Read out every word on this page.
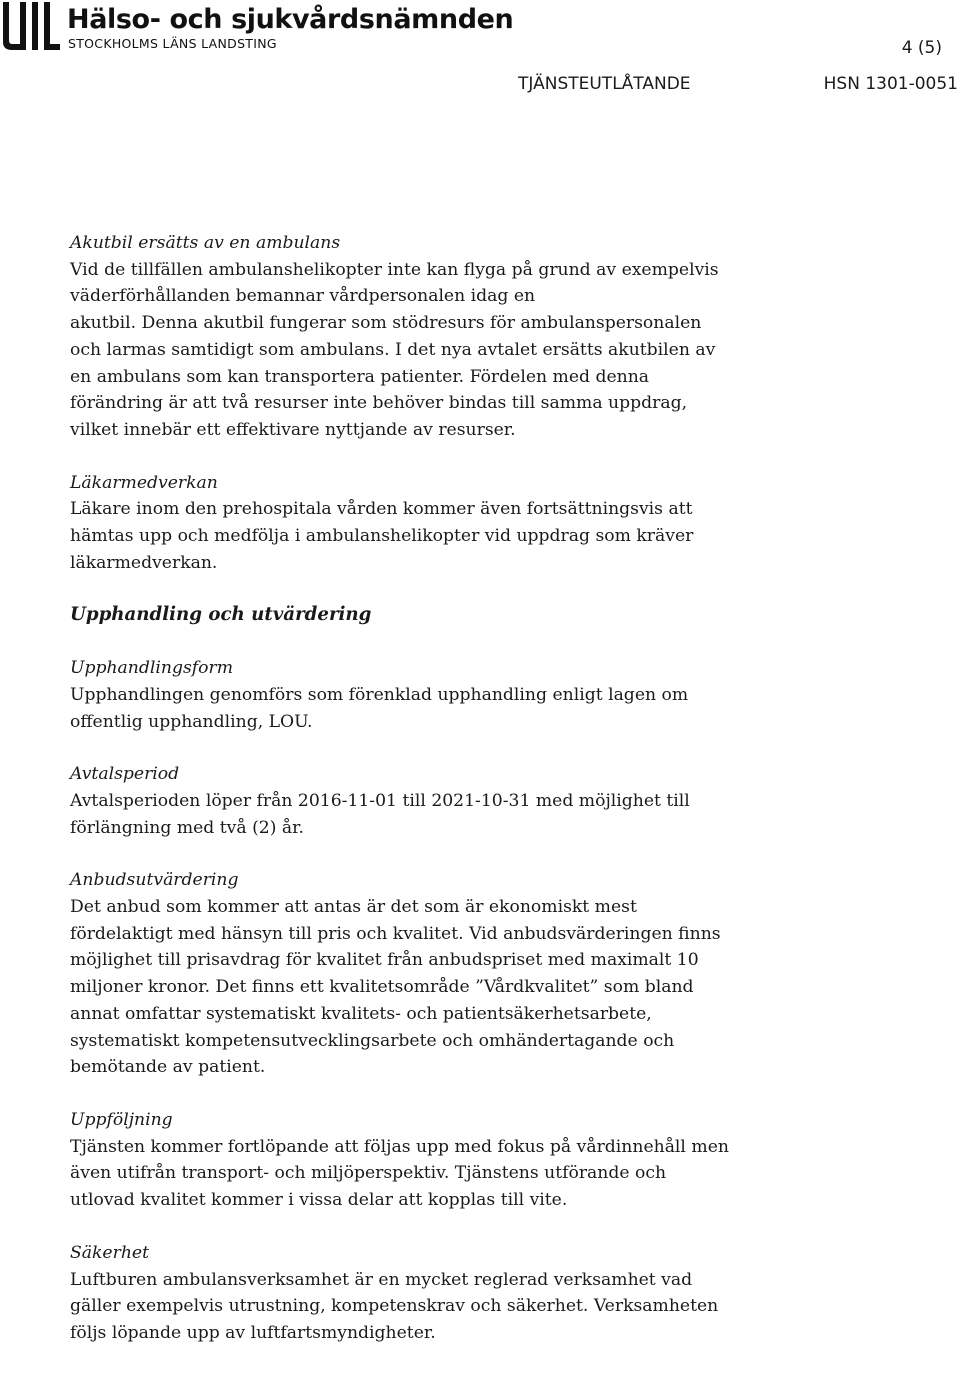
Hälso- och sjukvårdsnämnden
STOCKHOLMS LÄNS LANDSTING	4 (5)
TJÄNSTEUTLÅTANDE	HSN 1301-0051
Akutbil ersätts av en ambulans

Vid de tillfällen ambulanshelikopter inte kan flyga på grund av exempelvis
väderförhållanden bemannar vårdpersonalen idag en
akutbil. Denna akutbil fungerar som stödresurs för ambulanspersonalen
och larmas samtidigt som ambulans. I det nya avtalet ersätts akutbilen av
en ambulans som kan transportera patienter. Fördelen med denna
förändring är att två resurser inte behöver bindas till samma uppdrag,
vilket innebär ett effektivare nyttjande av resurser.

Läkarmedverkan

Läkare inom den prehospitala vården kommer även fortsättningsvis att
hämtas upp och medfölja i ambulanshelikopter vid uppdrag som kräver
läkarmedverkan.

Upphandling och utvärdering
Upphandlingsform

Upphandlingen genomförs som förenklad upphandling enligt lagen om
offentlig upphandling, LOU.

Avtalsperiod

Avtalsperioden löper från 2016-11-01 till 2021-10-31 med möjlighet till
förlängning med två (2) år.

Anbudsutvärdering

Det anbud som kommer att antas är det som är ekonomiskt mest
fördelaktigt med hänsyn till pris och kvalitet. Vid anbudsvärderingen finns
möjlighet till prisavdrag för kvalitet från anbudspriset med maximalt 10
miljoner kronor. Det finns ett kvalitetsområde ”Vårdkvalitet” som bland
annat omfattar systematiskt kvalitets- och patientsäkerhetsarbete,
systematiskt kompetensutvecklingsarbete och omhändertagande och
bemötande av patient.

Uppföljning

Tjänsten kommer fortlöpande att följas upp med fokus på vårdinnehåll men
även utifrån transport- och miljöperspektiv. Tjänstens utförande och
utlovad kvalitet kommer i vissa delar att kopplas till vite.

Säkerhet

Luftburen ambulansverksamhet är en mycket reglerad verksamhet vad
gäller exempelvis utrustning, kompetenskrav och säkerhet. Verksamheten
följs löpande upp av luftfartsmyndigheter.
